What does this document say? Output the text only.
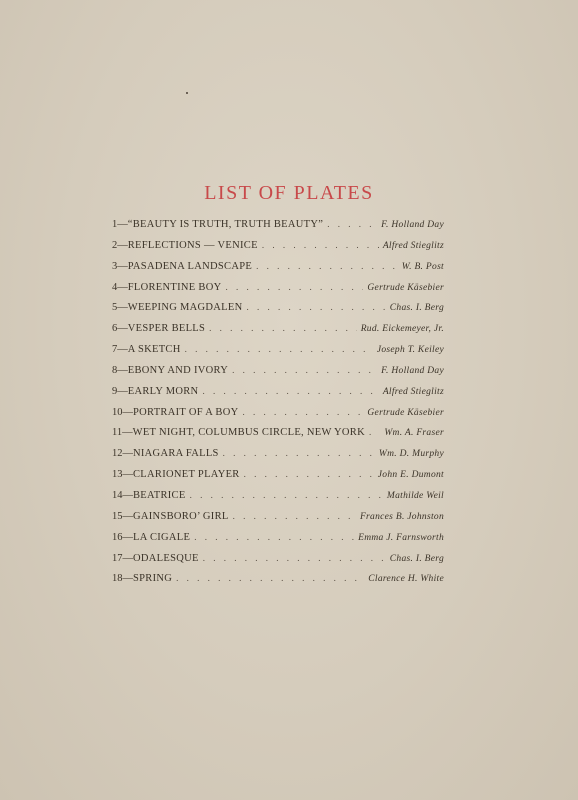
LIST OF PLATES
1 — “BEAUTY IS TRUTH, TRUTH BEAUTY” . . .	F. Holland Day
2 — REFLECTIONS — VENICE . . .	Alfred Stieglitz
3 — PASADENA LANDSCAPE . . .	W. B. Post
4 — FLORENTINE BOY . . .	Gertrude Käsebier
5 — WEEPING MAGDALEN . . .	Chas. I. Berg
6 — VESPER BELLS . . .	Rud. Eickemeyer, Jr.
7 — A SKETCH . . .	Joseph T. Keiley
8 — EBONY AND IVORY . . .	F. Holland Day
9 — EARLY MORN . . .	Alfred Stieglitz
10 — PORTRAIT OF A BOY . . .	Gertrude Käsebier
11 — WET NIGHT, COLUMBUS CIRCLE, NEW YORK . . . Wm. A. Fraser
12 — NIAGARA FALLS . . .	Wm. D. Murphy
13 — CLARIONET PLAYER . . .	John E. Dumont
14 — BEATRICE . . .	Mathilde Weil
15 — GAINSBORO’ GIRL . . .	Frances B. Johnston
16 — LA CIGALE . . .	Emma J. Farnsworth
17 — ODALESQUE . . .	Chas. I. Berg
18 — SPRING . . .	Clarence H. White
